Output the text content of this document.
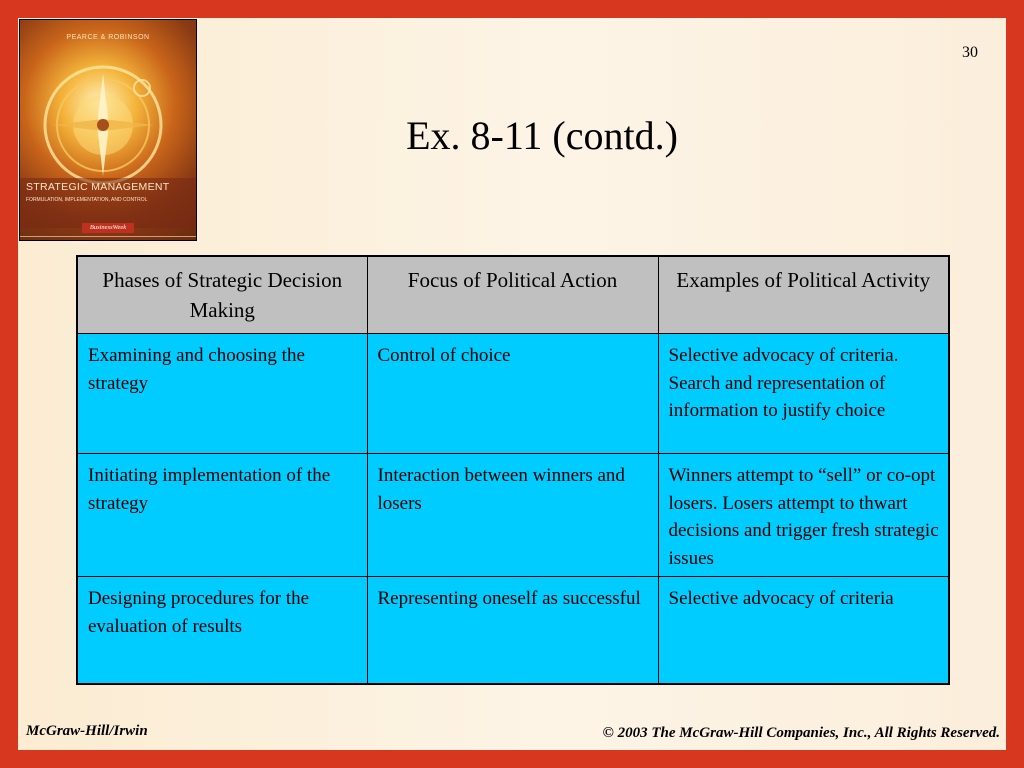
30
PEARCE & ROBINSON
STRATEGIC MANAGEMENT
FORMULATION, IMPLEMENTATION, AND CONTROL
BusinessWeek
Ex. 8-11 (contd.)
Phases of Strategic Decision Making	Focus of Political Action	Examples of Political Activity
Examining and choosing the strategy	Control of choice	Selective advocacy of criteria. Search and representation of information to justify choice
Initiating implementation of the strategy	Interaction between winners and losers	Winners attempt to “sell” or co-opt losers. Losers attempt to thwart decisions and trigger fresh strategic issues
Designing procedures for the evaluation of results	Representing oneself as successful	Selective advocacy of criteria
McGraw-Hill/Irwin	© 2003 The McGraw-Hill Companies, Inc., All Rights Reserved.
